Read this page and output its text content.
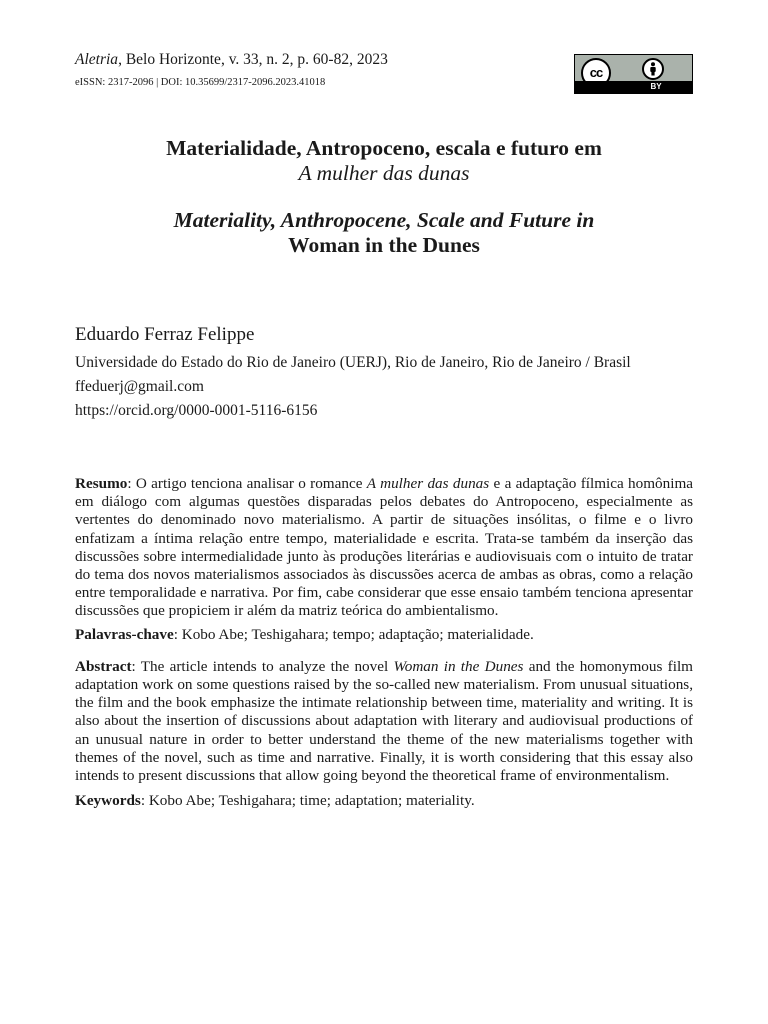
Aletria, Belo Horizonte, v. 33, n. 2, p. 60-82, 2023

eISSN: 2317-2096 | DOI: 10.35699/2317-2096.2023.41018
cc
BY
Materialidade, Antropoceno, escala e futuro em
A mulher das dunas
Materiality, Anthropocene, Scale and Future in
Woman in the Dunes
Eduardo Ferraz Felippe
Universidade do Estado do Rio de Janeiro (UERJ), Rio de Janeiro, Rio de Janeiro / Brasil
ffeduerj@gmail.com
https://orcid.org/0000-0001-5116-6156

Resumo: O artigo tenciona analisar o romance A mulher das dunas e a adaptação fílmica homônima em diálogo com algumas questões disparadas pelos debates do Antropoceno, especialmente as vertentes do denominado novo materialismo. A partir de situações insólitas, o filme e o livro enfatizam a íntima relação entre tempo, materialidade e escrita. Trata-se também da inserção das discussões sobre intermedialidade junto às produções literárias e audiovisuais com o intuito de tratar do tema dos novos materialismos associados às discussões acerca de ambas as obras, como a relação entre temporalidade e narrativa. Por fim, cabe considerar que esse ensaio também tenciona apresentar discussões que propiciem ir além da matriz teórica do ambientalismo.

Palavras-chave: Kobo Abe; Teshigahara; tempo; adaptação; materialidade.

Abstract: The article intends to analyze the novel Woman in the Dunes and the homonymous film adaptation work on some questions raised by the so-called new materialism. From unusual situations, the film and the book emphasize the intimate relationship between time, materiality and writing. It is also about the insertion of discussions about adaptation with literary and audiovisual productions of an unusual nature in order to better understand the theme of the new materialisms together with themes of the novel, such as time and narrative. Finally, it is worth considering that this essay also intends to present discussions that allow going beyond the theoretical frame of environmentalism.

Keywords: Kobo Abe; Teshigahara; time; adaptation; materiality.
